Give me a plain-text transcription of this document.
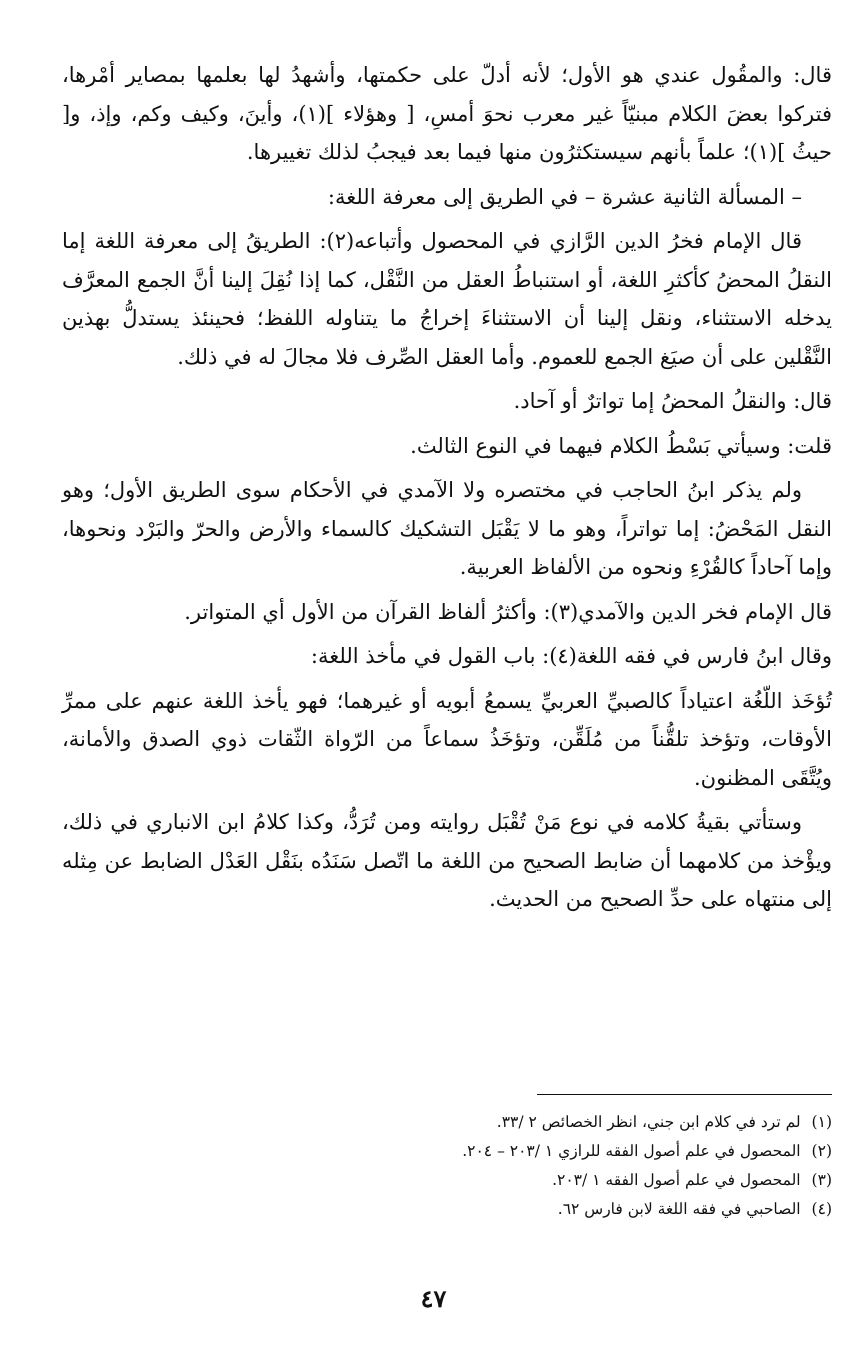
قال: والمقُول عندي هو الأول؛ لأنه أدلّ على حكمتها، وأشهدُ لها بعلمها بمصاير أمْرها، فتركوا بعضَ الكلام مبنيّاً غير معرب نحوَ أمسِ، [ وهؤلاء ](١)، وأينَ، وكيف وكم، وإذ، و[ حيثُ ](١)؛ علماً بأنهم سيستكثرُون منها فيما بعد فيجبُ لذلك تغييرها.

– المسألة الثانية عشرة – في الطريق إلى معرفة اللغة:

قال الإمام فخرُ الدين الرَّازي في المحصول وأتباعه(٢): الطريقُ إلى معرفة اللغة إما النقلُ المحضُ كأكثرِ اللغة، أو استنباطُ العقل من النَّقْل، كما إذا نُقِلَ إلينا أنَّ الجمع المعرَّف يدخله الاستثناء، ونقل إلينا أن الاستثناءَ إخراجُ ما يتناوله اللفظ؛ فحينئذ يستدلُّ بهذين النَّقْلين على أن صيَغ الجمع للعموم. وأما العقل الصِّرف فلا مجالَ له في ذلك.

قال: والنقلُ المحضُ إما تواترٌ أو آحاد.

قلت: وسيأتي بَسْطُ الكلام فيهما في النوع الثالث.

ولم يذكر ابنُ الحاجب في مختصره ولا الآمدي في الأحكام سوى الطريق الأول؛ وهو النقل المَحْضُ: إما تواتراً، وهو ما لا يَقْبَل التشكيك كالسماء والأرض والحرّ والبَرْد ونحوها، وإما آحاداً كالقُرْءِ ونحوه من الألفاظ العربية.

قال الإمام فخر الدين والآمدي(٣): وأكثرُ ألفاظ القرآن من الأول أي المتواتر.

وقال ابنُ فارس في فقه اللغة(٤): باب القول في مأخذ اللغة:

تُؤخَذ اللّغُة اعتياداً كالصبيِّ العربيِّ يسمعُ أبويه أو غيرهما؛ فهو يأخذ اللغة عنهم على ممرِّ الأوقات، وتؤخذ تلقُّناً من مُلَقِّن، وتؤخَذُ سماعاً من الرّواة الثّقات ذوي الصدق والأمانة، ويُتَّقَى المظنون.

وستأتي بقيةُ كلامه في نوع مَنْ تُقْبَل روايته ومن تُرَدُّ، وكذا كلامُ ابن الانباري في ذلك، ويؤْخذ من كلامهما أن ضابط الصحيح من اللغة ما اتّصل سَنَدُه بنَقْل العَدْل الضابط عن مِثله إلى منتهاه على حدِّ الصحيح من الحديث.

(١) لم ترد في كلام ابن جني، انظر الخصائص ٢ /٣٣.

(٢) المحصول في علم أصول الفقه للرازي ١ /٢٠٣ – ٢٠٤.

(٣) المحصول في علم أصول الفقه ١ /٢٠٣.

(٤) الصاحبي في فقه اللغة لابن فارس ٦٢.

٤٧
